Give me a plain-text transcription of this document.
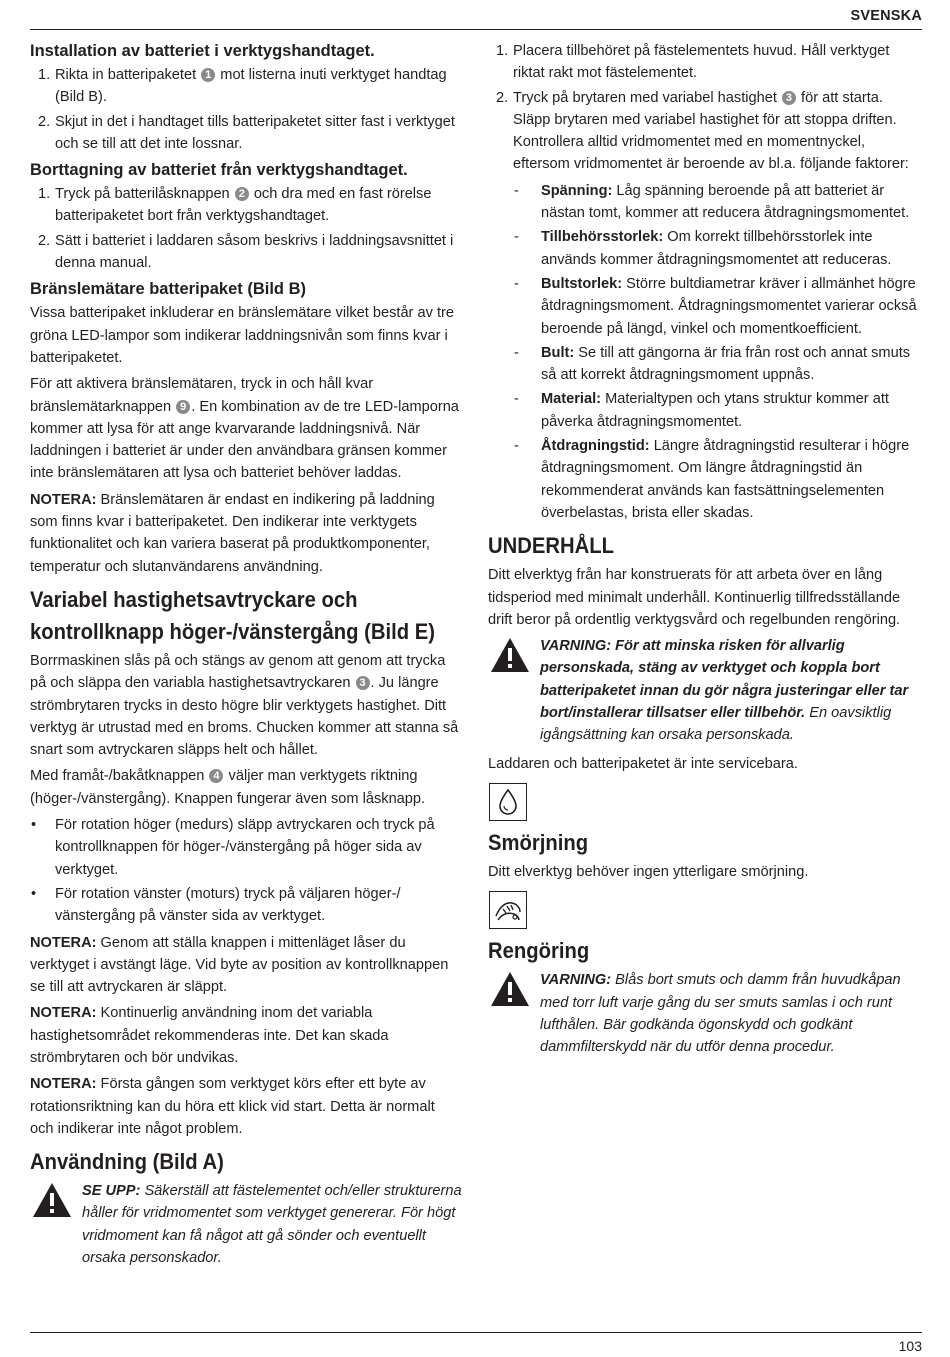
SVENSKA
Installation av batteriet i verktygshandtaget.
1. Rikta in batteripaketet 1 mot listerna inuti verktyget handtag (Bild B).
2. Skjut in det i handtaget tills batteripaketet sitter fast i verktyget och se till att det inte lossnar.
Borttagning av batteriet från verktygshandtaget.
1. Tryck på batterilåsknappen 2 och dra med en fast rörelse batteripaketet bort från verktygshandtaget.
2. Sätt i batteriet i laddaren såsom beskrivs i laddningsavsnittet i denna manual.
Bränslemätare batteripaket (Bild B)

Vissa batteripaket inkluderar en bränslemätare vilket består av tre gröna LED‑lampor som indikerar laddningsnivån som finns kvar i batteripaketet.

För att aktivera bränslemätaren, tryck in och håll kvar bränslemätarknappen 9 . En kombination av de tre LED‑lamporna kommer att lysa för att ange kvarvarande laddningsnivå. När laddningen i batteriet är under den användbara gränsen kommer inte bränslemätaren att lysa och batteriet behöver laddas.

NOTERA: Bränslemätaren är endast en indikering på laddning som finns kvar i batteripaketet. Den indikerar inte verktygets funktionalitet och kan variera baserat på produktkomponenter, temperatur och slutanvändarens användning.

Variabel hastighetsavtryckare och kontrollknapp höger-/vänstergång (Bild E)

Borrmaskinen slås på och stängs av genom att genom att trycka på och släppa den variabla hastighetsavtryckaren 3 . Ju längre strömbrytaren trycks in desto högre blir verktygets hastighet. Ditt verktyg är utrustad med en broms. Chucken kommer att stanna så snart som avtryckaren släpps helt och hållet.

Med framåt‑/bakåtknappen 4 väljer man verktygets riktning (höger-/vänstergång). Knappen fungerar även som låsknapp.

• För rotation höger (medurs) släpp avtryckaren och tryck på kontrollknappen för höger-/vänstergång på höger sida av verktyget.
• För rotation vänster (moturs) tryck på väljaren höger-/ vänstergång på vänster sida av verktyget.

NOTERA: Genom att ställa knappen i mittenläget låser du verktyget i avstängt läge. Vid byte av position av kontrollknappen se till att avtryckaren är släppt.

NOTERA: Kontinuerlig användning inom det variabla hastighetsområdet rekommenderas inte. Det kan skada strömbrytaren och bör undvikas.

NOTERA: Första gången som verktyget körs efter ett byte av rotationsriktning kan du höra ett klick vid start. Detta är normalt och indikerar inte något problem.

Användning (Bild A)
SE UPP: Säkerställ att fästelementet och/eller strukturerna håller för vridmomentet som verktyget genererar. För högt vridmoment kan få något att gå sönder och eventuellt orsaka personskador.
1. Placera tillbehöret på fästelementets huvud. Håll verktyget riktat rakt mot fästelementet.
2. Tryck på brytaren med variabel hastighet 3 för att starta. Släpp brytaren med variabel hastighet för att stoppa driften. Kontrollera alltid vridmomentet med en momentnyckel, eftersom vridmomentet är beroende av bl.a. följande faktorer:
- Spänning: Låg spänning beroende på att batteriet är nästan tomt, kommer att reducera åtdragningsmomentet.
- Tillbehörsstorlek: Om korrekt tillbehörsstorlek inte används kommer åtdragningsmomentet att reduceras.
- Bultstorlek: Större bultdiametrar kräver i allmänhet högre åtdragningsmoment. Åtdragningsmomentet varierar också beroende på längd, vinkel och momentkoefficient.
- Bult: Se till att gängorna är fria från rost och annat smuts så att korrekt åtdragningsmoment uppnås.
- Material: Materialtypen och ytans struktur kommer att påverka åtdragningsmomentet.
- Åtdragningstid: Längre åtdragningstid resulterar i högre åtdragningsmoment. Om längre åtdragningstid än rekommenderat används kan fastsättningselementen överbelastas, brista eller skadas.
UNDERHÅLL

Ditt elverktyg från har konstruerats för att arbeta över en lång tidsperiod med minimalt underhåll. Kontinuerlig tillfredsställande drift beror på ordentlig verktygsvård och regelbunden rengöring.

VARNING: För att minska risken för allvarlig personskada, stäng av verktyget och koppla bort batteripaketet innan du gör några justeringar eller tar bort/installerar tillsatser eller tillbehör. En oavsiktlig igångsättning kan orsaka personskada.

Laddaren och batteripaketet är inte servicebara.

Smörjning

Ditt elverktyg behöver ingen ytterligare smörjning.

Rengöring
VARNING: Blås bort smuts och damm från huvudkåpan med torr luft varje gång du ser smuts samlas i och runt lufthålen. Bär godkända ögonskydd och godkänt dammfilterskydd när du utför denna procedur.
103
